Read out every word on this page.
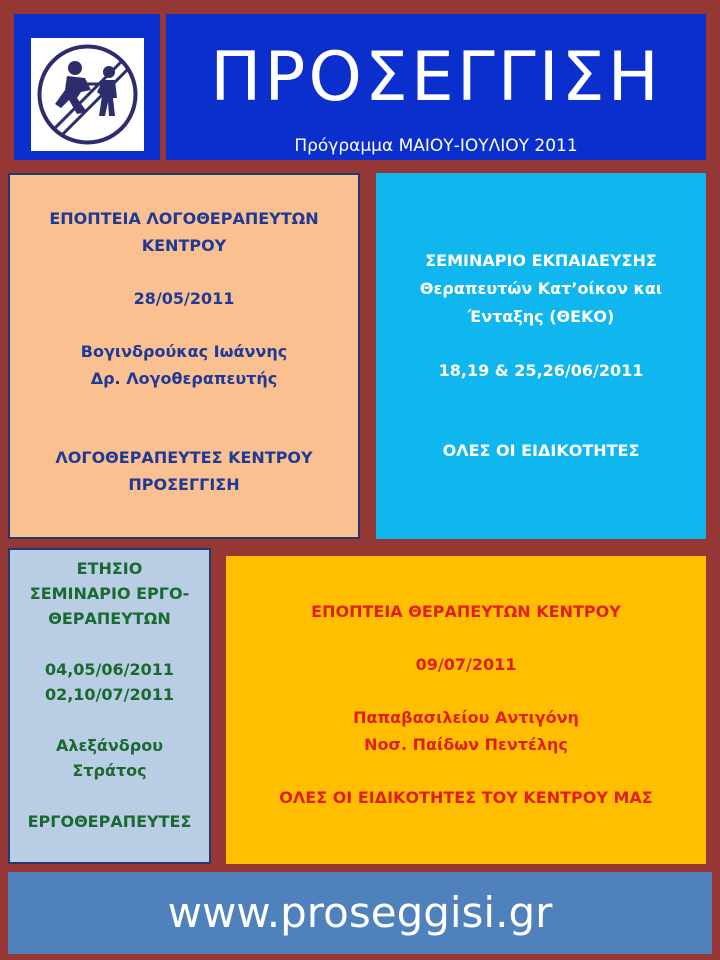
ΠΡΟΣΕΓΓΙΣΗ
Πρόγραμμα ΜΑΙΟΥ-ΙΟΥΛΙΟΥ 2011
ΕΠΟΠΤΕΙΑ ΛΟΓΟΘΕΡΑΠΕΥΤΩΝ
ΚΕΝΤΡΟΥ
28/05/2011
Βογινδρούκας Ιωάννης
Δρ. Λογοθεραπευτής
ΛΟΓΟΘΕΡΑΠΕΥΤΕΣ ΚΕΝΤΡΟΥ
ΠΡΟΣΕΓΓΙΣΗ
ΣΕΜΙΝΑΡΙΟ ΕΚΠΑΙΔΕΥΣΗΣ
Θεραπευτών Κατ’οίκον και
Ένταξης (ΘΕΚΟ)
18,19 & 25,26/06/2011
ΟΛΕΣ ΟΙ ΕΙΔΙΚΟΤΗΤΕΣ
ΕΤΗΣΙΟ
ΣΕΜΙΝΑΡΙΟ ΕΡΓΟ-
ΘΕΡΑΠΕΥΤΩΝ
04,05/06/2011
02,10/07/2011
Αλεξάνδρου
Στράτος
ΕΡΓΟΘΕΡΑΠΕΥΤΕΣ
ΕΠΟΠΤΕΙΑ ΘΕΡΑΠΕΥΤΩΝ ΚΕΝΤΡΟΥ
09/07/2011
Παπαβασιλείου Αντιγόνη
Νοσ. Παίδων Πεντέλης
ΟΛΕΣ ΟΙ ΕΙΔΙΚΟΤΗΤΕΣ ΤΟΥ ΚΕΝΤΡΟΥ ΜΑΣ
www.proseggisi.gr
